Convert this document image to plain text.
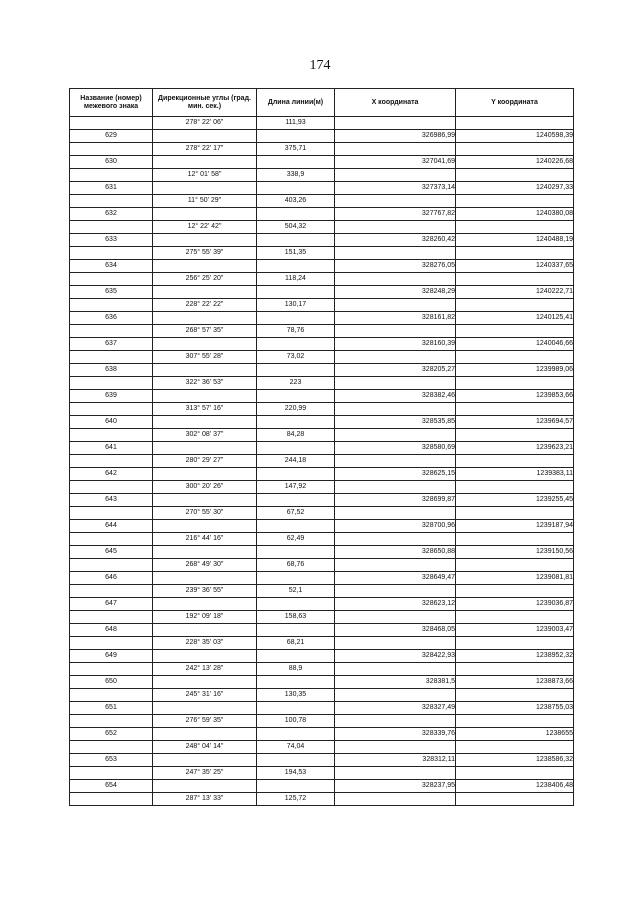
174
Название (номер) межевого знака	Дирекционные углы (град. мин. сек.)	Длина линии(м)	X координата	Y координата
	278° 22' 06"	111,93		
629			326986,99	1240598,39
	278° 22' 17"	375,71		
630			327041,69	1240226,68
	12° 01' 58"	338,9		
631			327373,14	1240297,33
	11° 50' 29"	403,26		
632			327767,82	1240380,08
	12° 22' 42"	504,32		
633			328260,42	1240488,19
	275° 55' 39"	151,35		
634			328276,05	1240337,65
	256° 25' 20"	118,24		
635			328248,29	1240222,71
	228° 22' 22"	130,17		
636			328161,82	1240125,41
	268° 57' 35"	78,76		
637			328160,39	1240046,66
	307° 55' 28"	73,02		
638			328205,27	1239989,06
	322° 36' 53"	223		
639			328382,46	1239853,66
	313° 57' 16"	220,99		
640			328535,85	1239694,57
	302° 08' 37"	84,28		
641			328580,69	1239623,21
	280° 29' 27"	244,18		
642			328625,15	1239383,11
	300° 20' 26"	147,92		
643			328699,87	1239255,45
	270° 55' 30"	67,52		
644			328700,96	1239187,94
	216° 44' 16"	62,49		
645			328650,88	1239150,56
	268° 49' 30"	68,76		
646			328649,47	1239081,81
	239° 36' 55"	52,1		
647			328623,12	1239036,87
	192° 09' 18"	158,63		
648			328468,05	1239003,47
	228° 35' 03"	68,21		
649			328422,93	1238952,32
	242° 13' 28"	88,9		
650			328381,5	1238873,66
	245° 31' 16"	130,35		
651			328327,49	1238755,03
	276° 59' 35"	100,78		
652			328339,76	1238655
	248° 04' 14"	74,04		
653			328312,11	1238586,32
	247° 35' 25"	194,53		
654			328237,95	1238406,48
	287° 13' 33"	125,72		
